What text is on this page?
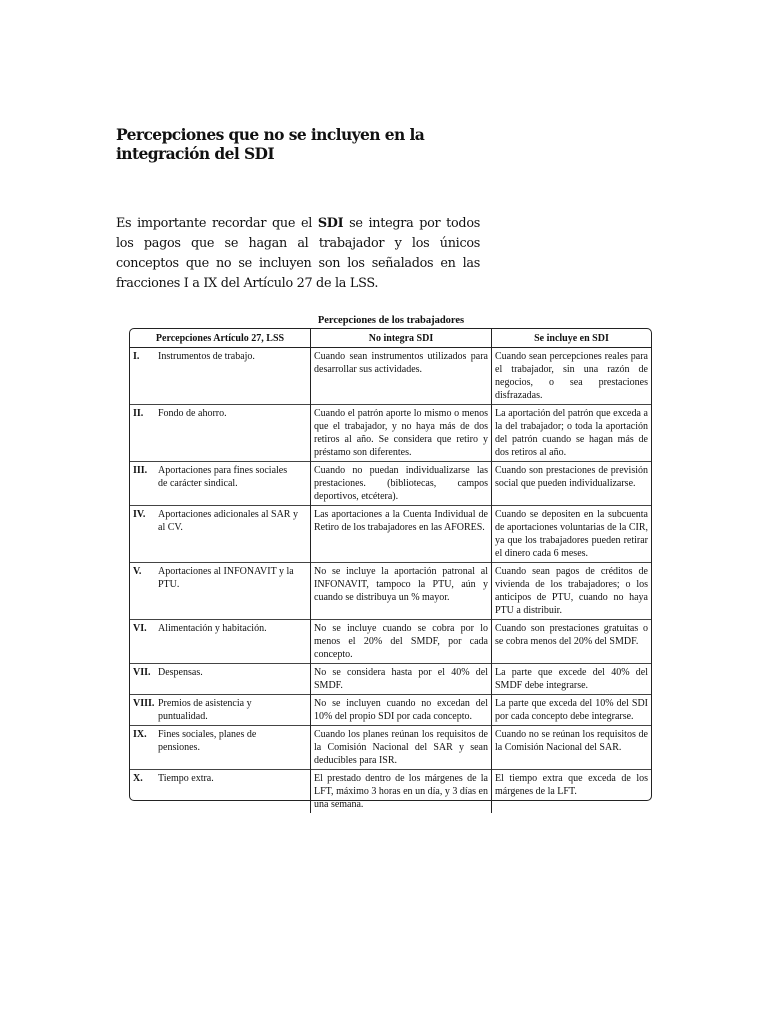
Percepciones que no se incluyen en la integración del SDI

Es importante recordar que el SDI se integra por todos los pagos que se hagan al trabajador y los únicos conceptos que no se incluyen son los señalados en las fracciones I a IX del Artículo 27 de la LSS.

Percepciones de los trabajadores
Percepciones Artículo 27, LSS	No integra SDI	Se incluye en SDI
I. Instrumentos de trabajo.	Cuando sean instrumentos utilizados para desarrollar sus actividades.	Cuando sean percepciones reales para el trabajador, sin una razón de negocios, o sea prestaciones disfrazadas.
II. Fondo de ahorro.	Cuando el patrón aporte lo mismo o menos que el trabajador, y no haya más de dos retiros al año. Se considera que retiro y préstamo son diferentes.	La aportación del patrón que exceda a la del trabajador; o toda la aportación del patrón cuando se hagan más de dos retiros al año.
III. Aportaciones para fines sociales de carácter sindical.	Cuando no puedan individualizarse las prestaciones. (bibliotecas, campos deportivos, etcétera).	Cuando son prestaciones de previsión social que pueden individualizarse.
IV. Aportaciones adicionales al SAR y al CV.	Las aportaciones a la Cuenta Individual de Retiro de los trabajadores en las AFORES.	Cuando se depositen en la subcuenta de aportaciones voluntarias de la CIR, ya que los trabajadores pueden retirar el dinero cada 6 meses.
V. Aportaciones al INFONAVIT y la PTU.	No se incluye la aportación patronal al INFONAVIT, tampoco la PTU, aún y cuando se distribuya un % mayor.	Cuando sean pagos de créditos de vivienda de los trabajadores; o los anticipos de PTU, cuando no haya PTU a distribuir.
VI. Alimentación y habitación.	No se incluye cuando se cobra por lo menos el 20% del SMDF, por cada concepto.	Cuando son prestaciones gratuitas o se cobra menos del 20% del SMDF.
VII. Despensas.	No se considera hasta por el 40% del SMDF.	La parte que excede del 40% del SMDF debe integrarse.
VIII. Premios de asistencia y puntualidad.	No se incluyen cuando no excedan del 10% del propio SDI por cada concepto.	La parte que exceda del 10% del SDI por cada concepto debe integrarse.
IX. Fines sociales, planes de pensiones.	Cuando los planes reúnan los requisitos de la Comisión Nacional del SAR y sean deducibles para ISR.	Cuando no se reúnan los requisitos de la Comisión Nacional del SAR.
X. Tiempo extra.	El prestado dentro de los márgenes de la LFT, máximo 3 horas en un día, y 3 días en una semana.	El tiempo extra que exceda de los márgenes de la LFT.
